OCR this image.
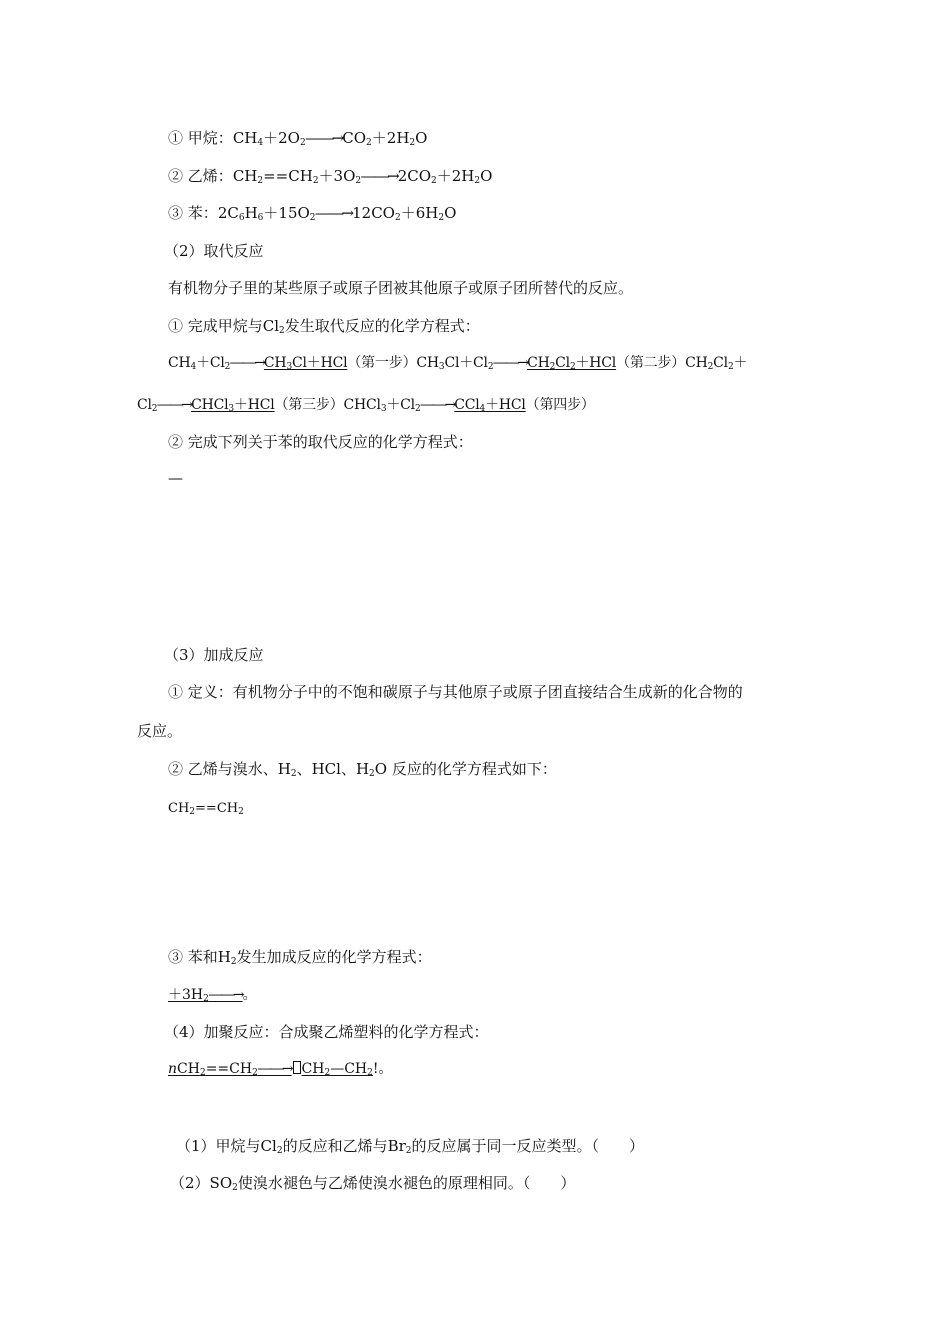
① 甲烷：$CH_4+2O_2――\to CO_2+2H_2O$
② 乙烯：$CH_2==CH_2+3O_2――\to 2CO_2+2H_2O$
③ 苯：$2C_6H_6+15O_2――\to 12CO_2+6H_2O$
（2）取代反应
有机物分子里的某些原子或原子团被其他原子或原子团所替代的反应。
① 完成甲烷与$Cl_2$发生取代反应的化学方程式：
$CH_4+Cl_2――\to CH_3Cl+HCl$（第一步）$CH_3Cl+Cl_2――\to CH_2Cl_2+HCl$（第二步）$CH_2Cl_2+$
$Cl_2――\to CHCl_3+HCl$（第三步）$CHCl_3+Cl_2――\to CCl_4+HCl$（第四步）
② 完成下列关于苯的取代反应的化学方程式：
—
（3）加成反应
① 定义：有机物分子中的不饱和碳原子与其他原子或原子团直接结合生成新的化合物的
反应。
② 乙烯与溴水、$H_2$、HCl、$H_2O$ 反应的化学方程式如下：
$CH_2==CH_2$
③ 苯和$H_2$发生加成反应的化学方程式：
$+3H_2――\to$。
（4）加聚反应：合成聚乙烯塑料的化学方程式：
$nCH_2==CH_2――\to$ $CH_2—CH_2$!。
（1）甲烷与$Cl_2$的反应和乙烯与$Br_2$的反应属于同一反应类型。（　　）
$(2)SO_2$使溴水褪色与乙烯使溴水褪色的原理相同。（　　）
